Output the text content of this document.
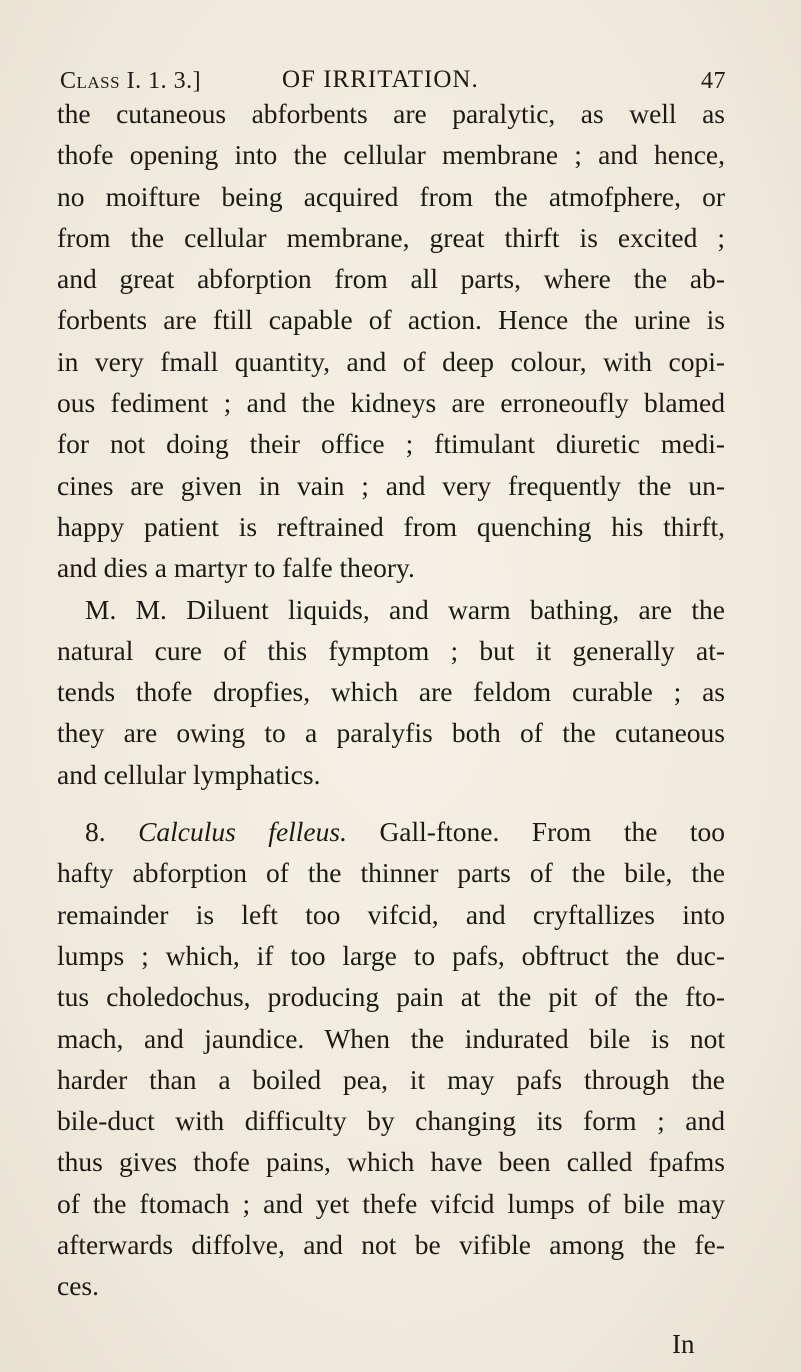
Class I. 1. 3.]	OF IRRITATION.	47
the cutaneous abforbents are paralytic, as well as
thofe opening into the cellular membrane ; and hence,
no moifture being acquired from the atmofphere, or
from the cellular membrane, great thirft is excited ;
and great abforption from all parts, where the ab-
forbents are ftill capable of action. Hence the urine is
in very fmall quantity, and of deep colour, with copi-
ous fediment ; and the kidneys are erroneoufly blamed
for not doing their office ; ftimulant diuretic medi-
cines are given in vain ; and very frequently the un-
happy patient is reftrained from quenching his thirft,
and dies a martyr to falfe theory.
M. M. Diluent liquids, and warm bathing, are the
natural cure of this fymptom ; but it generally at-
tends thofe dropfies, which are feldom curable ; as
they are owing to a paralyfis both of the cutaneous
and cellular lymphatics.
8. Calculus felleus. Gall-ftone. From the too
hafty abforption of the thinner parts of the bile, the
remainder is left too vifcid, and cryftallizes into
lumps ; which, if too large to pafs, obftruct the duc-
tus choledochus, producing pain at the pit of the fto-
mach, and jaundice. When the indurated bile is not
harder than a boiled pea, it may pafs through the
bile-duct with difficulty by changing its form ; and
thus gives thofe pains, which have been called fpafms
of the ftomach ; and yet thefe vifcid lumps of bile may
afterwards diffolve, and not be vifible among the fe-
ces.
In
